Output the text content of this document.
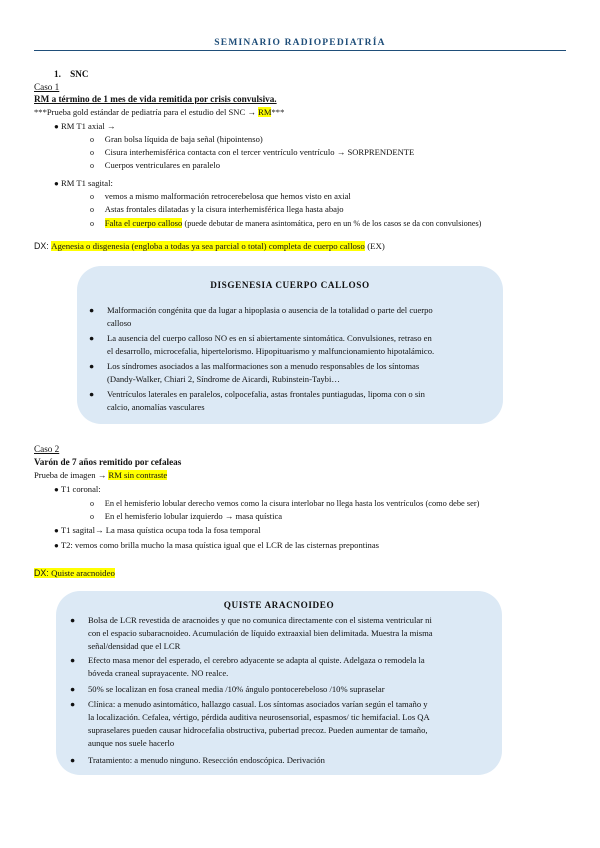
SEMINARIO RADIOPEDIATRÍA
1. SNC
Caso 1
RM a término de 1 mes de vida remitida por crisis convulsiva.
***Prueba gold estándar de pediatría para el estudio del SNC → RM***
● RM T1 axial →
o Gran bolsa líquida de baja señal (hipointenso)
o Cisura interhemisférica contacta con el tercer ventrículo ventrículo → SORPRENDENTE
o Cuerpos ventriculares en paralelo
● RM T1 sagital:
o vemos a mismo malformación retrocerebelosa que hemos visto en axial
o Astas frontales dilatadas y la cisura interhemisférica llega hasta abajo
o Falta el cuerpo calloso (puede debutar de manera asintomática, pero en un % de los casos se da con convulsiones)
DX: Agenesia o disgenesia (engloba a todas ya sea parcial o total) completa de cuerpo calloso (EX)
DISGENESIA CUERPO CALLOSO
● Malformación congénita que da lugar a hipoplasia o ausencia de la totalidad o parte del cuerpo
calloso
● La ausencia del cuerpo calloso NO es en sí abiertamente sintomática. Convulsiones, retraso en
el desarrollo, microcefalia, hipertelorismo. Hipopituarismo y malfuncionamiento hipotalámico.
● Los síndromes asociados a las malformaciones son a menudo responsables de los síntomas
(Dandy-Walker, Chiari 2, Síndrome de Aicardi, Rubinstein-Taybi…
● Ventrículos laterales en paralelos, colpocefalia, astas frontales puntiagudas, lipoma con o sin
calcio, anomalías vasculares
Caso 2
Varón de 7 años remitido por cefaleas
Prueba de imagen → RM sin contraste
● T1 coronal:
o En el hemisferio lobular derecho vemos como la cisura interlobar no llega hasta los ventrículos (como debe ser)
o En el hemisferio lobular izquierdo → masa quística
● T1 sagital→ La masa quística ocupa toda la fosa temporal
● T2: vemos como brilla mucho la masa quística igual que el LCR de las cisternas prepontinas
DX: Quiste aracnoideo
QUISTE ARACNOIDEO
● Bolsa de LCR revestida de aracnoides y que no comunica directamente con el sistema ventricular ni
con el espacio subaracnoideo. Acumulación de líquido extraaxial bien delimitada. Muestra la misma
señal/densidad que el LCR
● Efecto masa menor del esperado, el cerebro adyacente se adapta al quiste. Adelgaza o remodela la
bóveda craneal suprayacente. NO realce.
● 50% se localizan en fosa craneal media /10% ángulo pontocerebeloso /10% supraselar
● Clínica: a menudo asintomático, hallazgo casual. Los síntomas asociados varían según el tamaño y
la localización. Cefalea, vértigo, pérdida auditiva neurosensorial, espasmos/ tic hemifacial. Los QA
supraselares pueden causar hidrocefalia obstructiva, pubertad precoz. Pueden aumentar de tamaño,
aunque nos suele hacerlo
● Tratamiento: a menudo ninguno. Resección endoscópica. Derivación
